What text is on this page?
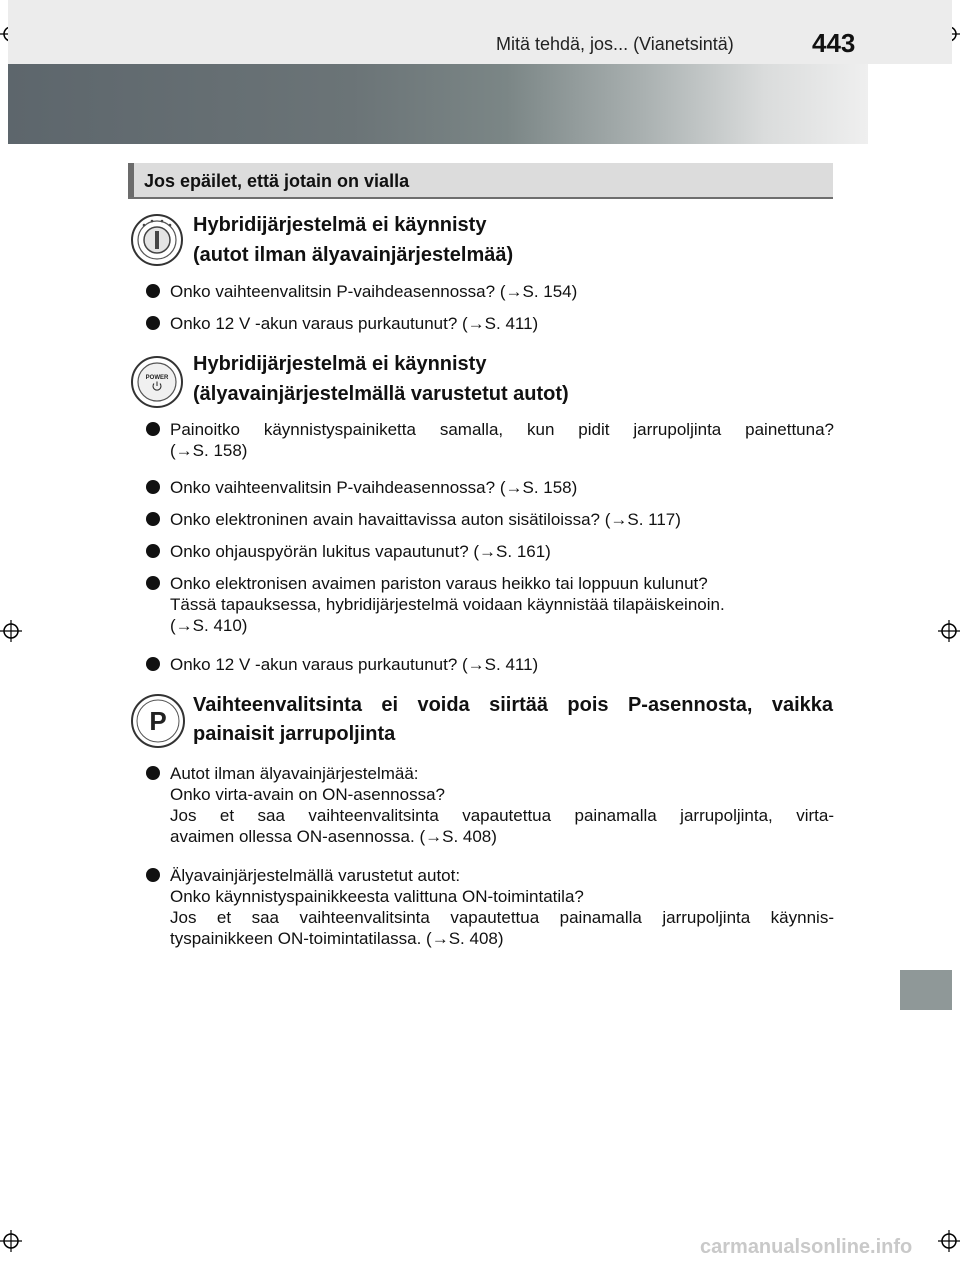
Mitä tehdä, jos... (Vianetsintä)	443
Jos epäilet, että jotain on vialla
Hybridijärjestelmä ei käynnisty
(autot ilman älyavainjärjestelmää)
Onko vaihteenvalitsin P-vaihdeasennossa? (→S. 154)
Onko 12 V -akun varaus purkautunut? (→S. 411)
POWER
Hybridijärjestelmä ei käynnisty
(älyavainjärjestelmällä varustetut autot)
Painoitko käynnistyspainiketta samalla, kun pidit jarrupoljinta painettuna?
(→S. 158)
Onko vaihteenvalitsin P-vaihdeasennossa? (→S. 158)
Onko elektroninen avain havaittavissa auton sisätiloissa? (→S. 117)
Onko ohjauspyörän lukitus vapautunut? (→S. 161)
Onko elektronisen avaimen pariston varaus heikko tai loppuun kulunut?
Tässä tapauksessa, hybridijärjestelmä voidaan käynnistää tilapäiskeinoin.
(→S. 410)
Onko 12 V -akun varaus purkautunut? (→S. 411)
P
Vaihteenvalitsinta ei voida siirtää pois P-asennosta, vaikka
painaisit jarrupoljinta
Autot ilman älyavainjärjestelmää:
Onko virta-avain on ON-asennossa?
Jos et saa vaihteenvalitsinta vapautettua painamalla jarrupoljinta, virta-
avaimen ollessa ON-asennossa. (→S. 408)
Älyavainjärjestelmällä varustetut autot:
Onko käynnistyspainikkeesta valittuna ON-toimintatila?
Jos et saa vaihteenvalitsinta vapautettua painamalla jarrupoljinta käynnis-
tyspainikkeen ON-toimintatilassa. (→S. 408)
carmanualsonline.info
